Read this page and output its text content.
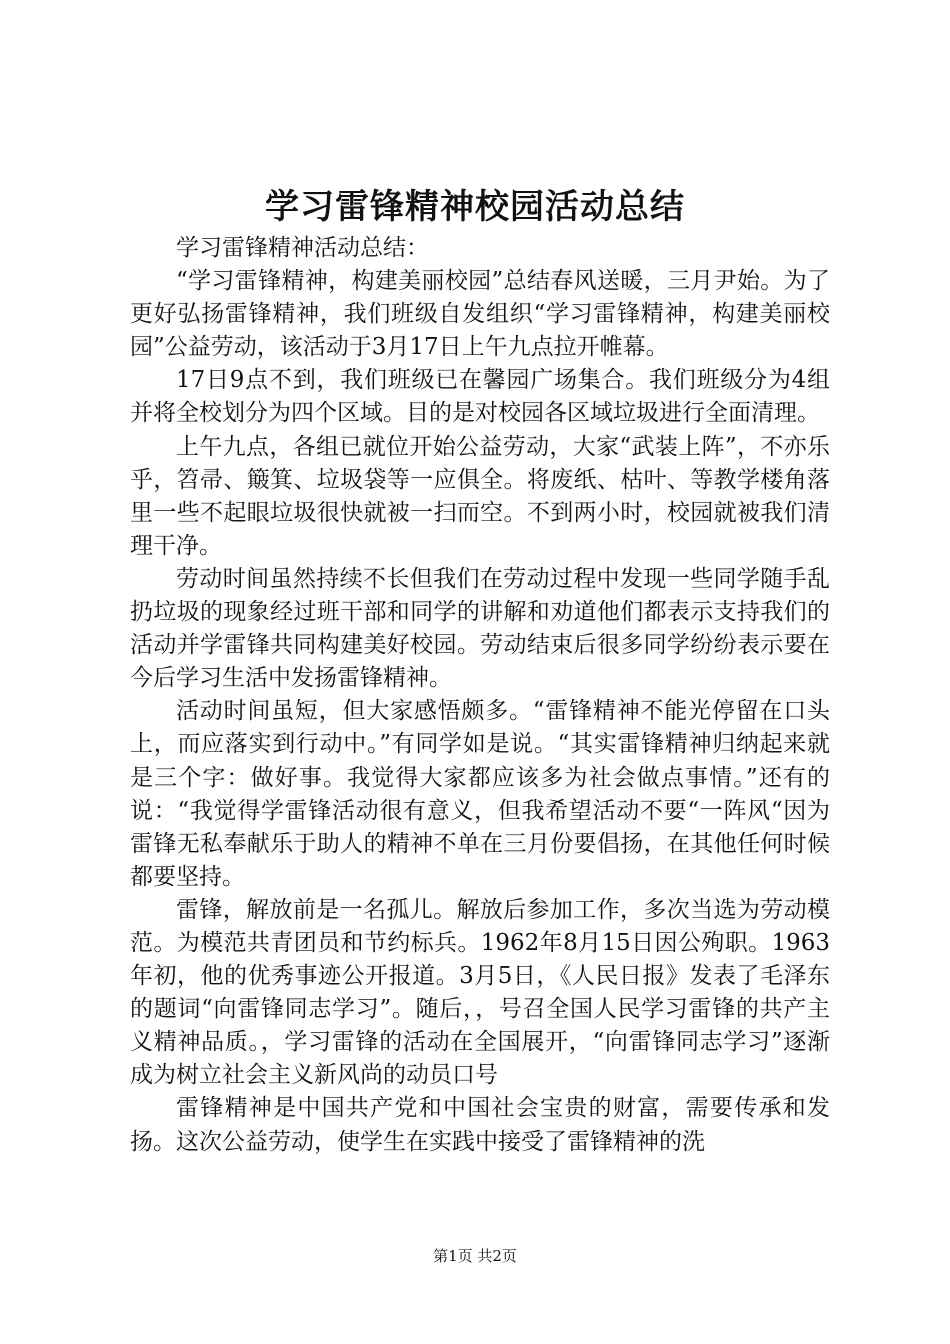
学习雷锋精神校园活动总结

学习雷锋精神活动总结：

“学习雷锋精神，构建美丽校园”总结春风送暖，三月尹始。为了更好弘扬雷锋精神，我们班级自发组织“学习雷锋精神，构建美丽校园”公益劳动，该活动于3月17日上午九点拉开帷幕。

17日9点不到，我们班级已在馨园广场集合。我们班级分为4组并将全校划分为四个区域。目的是对校园各区域垃圾进行全面清理。

上午九点，各组已就位开始公益劳动，大家“武装上阵”，不亦乐乎，笤帚、簸箕、垃圾袋等一应俱全。将废纸、枯叶、等教学楼角落里一些不起眼垃圾很快就被一扫而空。不到两小时，校园就被我们清理干净。

劳动时间虽然持续不长但我们在劳动过程中发现一些同学随手乱扔垃圾的现象经过班干部和同学的讲解和劝道他们都表示支持我们的活动并学雷锋共同构建美好校园。劳动结束后很多同学纷纷表示要在今后学习生活中发扬雷锋精神。

活动时间虽短，但大家感悟颇多。“雷锋精神不能光停留在口头上，而应落实到行动中。”有同学如是说。“其实雷锋精神归纳起来就是三个字：做好事。我觉得大家都应该多为社会做点事情。”还有的说：“我觉得学雷锋活动很有意义，但我希望活动不要“一阵风“因为雷锋无私奉献乐于助人的精神不单在三月份要倡扬，在其他任何时候都要坚持。

雷锋，解放前是一名孤儿。解放后参加工作，多次当选为劳动模范。为模范共青团员和节约标兵。1962年8月15日因公殉职。1963年初，他的优秀事迹公开报道。3月5日，《人民日报》发表了毛泽东的题词“向雷锋同志学习”。随后，，号召全国人民学习雷锋的共产主义精神品质。，学习雷锋的活动在全国展开，“向雷锋同志学习”逐渐成为树立社会主义新风尚的动员口号

雷锋精神是中国共产党和中国社会宝贵的财富，需要传承和发扬。这次公益劳动，使学生在实践中接受了雷锋精神的洗

第1页 共2页
